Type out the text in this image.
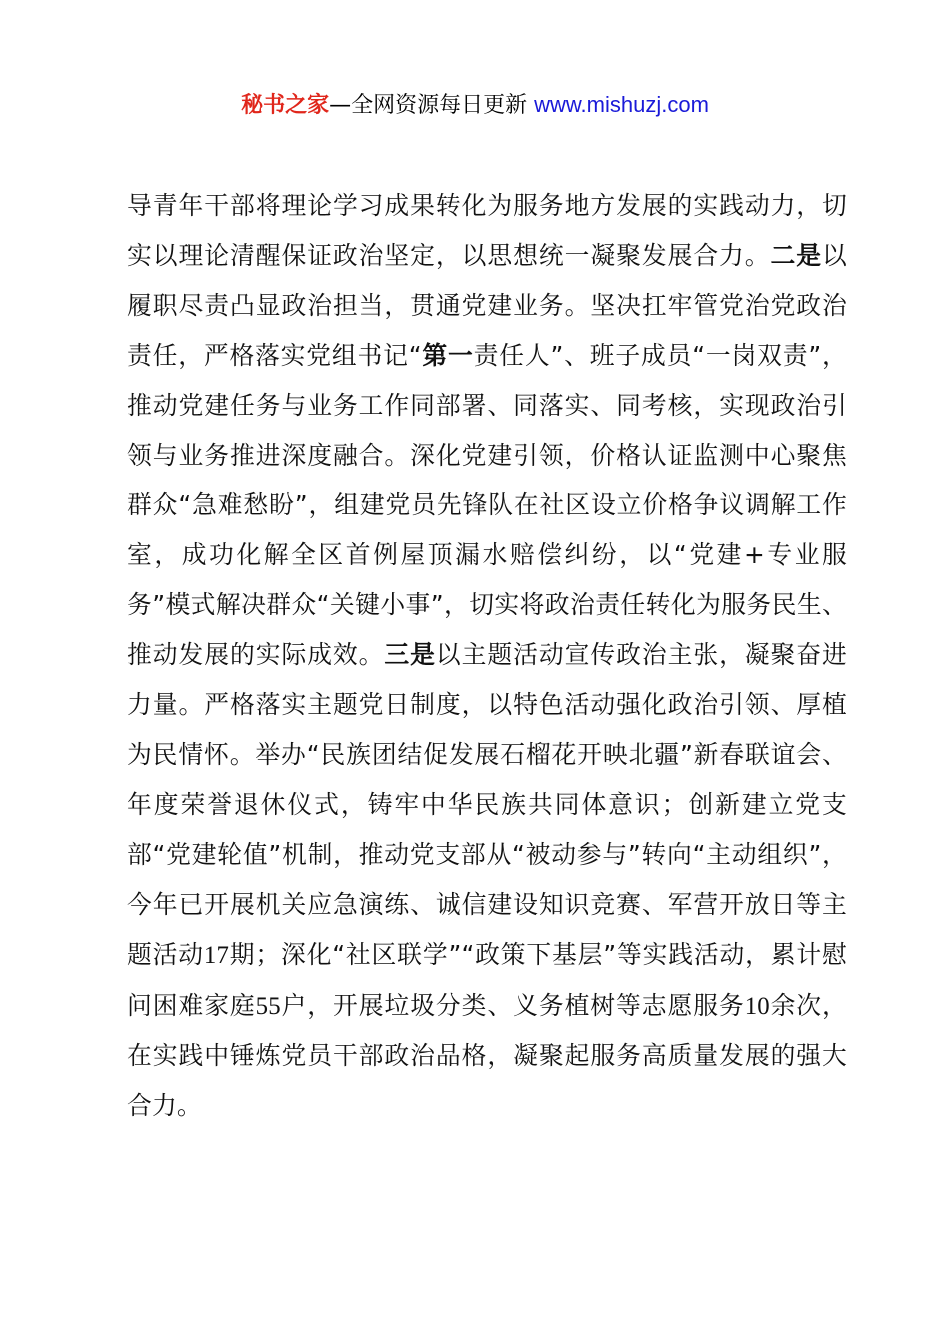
秘书之家—全网资源每日更新 www.mishuzj.com

导青年干部将理论学习成果转化为服务地方发展的实践动力，切实以理论清醒保证政治坚定，以思想统一凝聚发展合力。二是以履职尽责凸显政治担当，贯通党建业务。坚决扛牢管党治党政治责任，严格落实党组书记“第一责任人”、班子成员“一岗双责”，推动党建任务与业务工作同部署、同落实、同考核，实现政治引领与业务推进深度融合。深化党建引领，价格认证监测中心聚焦群众“急难愁盼”，组建党员先锋队在社区设立价格争议调解工作室，成功化解全区首例屋顶漏水赔偿纠纷，以“党建+专业服务”模式解决群众“关键小事”，切实将政治责任转化为服务民生、推动发展的实际成效。三是以主题活动宣传政治主张，凝聚奋进力量。严格落实主题党日制度，以特色活动强化政治引领、厚植为民情怀。举办“民族团结促发展石榴花开映北疆”新春联谊会、年度荣誉退休仪式，铸牢中华民族共同体意识；创新建立党支部“党建轮值”机制，推动党支部从“被动参与”转向“主动组织”，今年已开展机关应急演练、诚信建设知识竞赛、军营开放日等主题活动17期；深化“社区联学”“政策下基层”等实践活动，累计慰问困难家庭55户，开展垃圾分类、义务植树等志愿服务10余次，在实践中锤炼党员干部政治品格，凝聚起服务高质量发展的强大合力。
